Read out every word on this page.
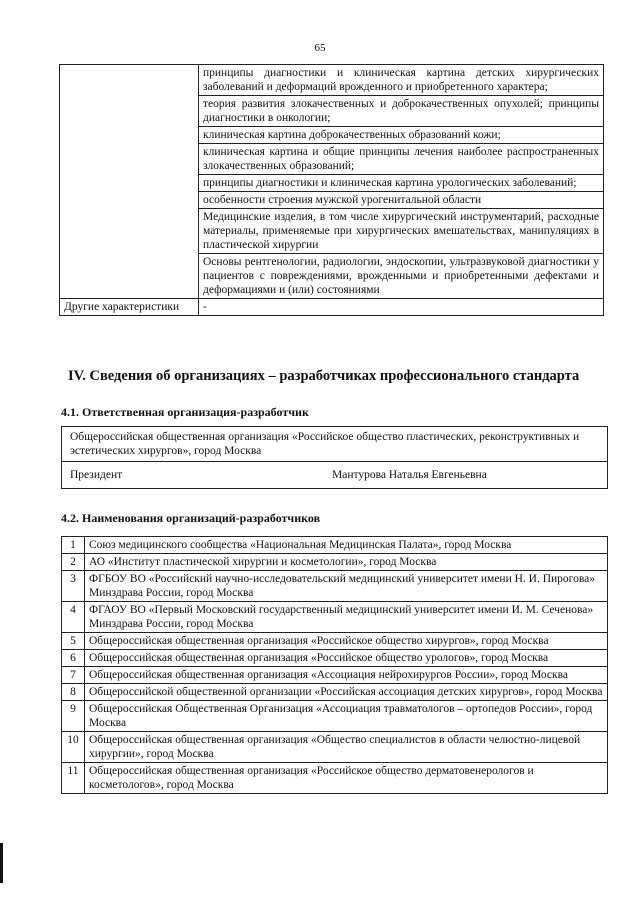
65
	принципы диагностики и клиническая картина детских хирургических заболеваний и деформаций врожденного и приобретенного характера;
	теория развития злокачественных и доброкачественных опухолей; принципы диагностики в онкологии;
	клиническая картина доброкачественных образований кожи;
	клиническая картина и общие принципы лечения наиболее распространенных злокачественных образований;
	принципы диагностики и клиническая картина урологических заболеваний;
	особенности строения мужской урогенитальной области
	Медицинские изделия, в том числе хирургический инструментарий, расходные материалы, применяемые при хирургических вмешательствах, манипуляциях в пластической хирургии
	Основы рентгенологии, радиологии, эндоскопии, ультразвуковой диагностики у пациентов с повреждениями, врожденными и приобретенными дефектами и деформациями и (или) состояниями
Другие характеристики	-
IV. Сведения об организациях – разработчиках профессионального стандарта
4.1. Ответственная организация-разработчик
Общероссийская общественная организация «Российское общество пластических, реконструктивных и эстетических хирургов», город Москва
Президент	Мантурова Наталья Евгеньевна
4.2. Наименования организаций-разработчиков
1	Союз медицинского сообщества «Национальная Медицинская Палата», город Москва
2	АО «Институт пластической хирургии и косметологии», город Москва
3	ФГБОУ ВО «Российский научно-исследовательский медицинский университет имени Н. И. Пирогова» Минздрава России, город Москва
4	ФГАОУ ВО «Первый Московский государственный медицинский университет имени И. М. Сеченова» Минздрава России, город Москва
5	Общероссийская общественная организация «Российское общество хирургов», город Москва
6	Общероссийская общественная организация «Российское общество урологов», город Москва
7	Общероссийская общественная организация «Ассоциация нейрохирургов России», город Москва
8	Общероссийской общественной организации «Российская ассоциация детских хирургов», город Москва
9	Общероссийская Общественная Организация «Ассоциация травматологов – ортопедов России», город Москва
10	Общероссийская общественная организация «Общество специалистов в области челюстно-лицевой хирургии», город Москва
11	Общероссийская общественная организация «Российское общество дерматовенерологов и косметологов», город Москва
